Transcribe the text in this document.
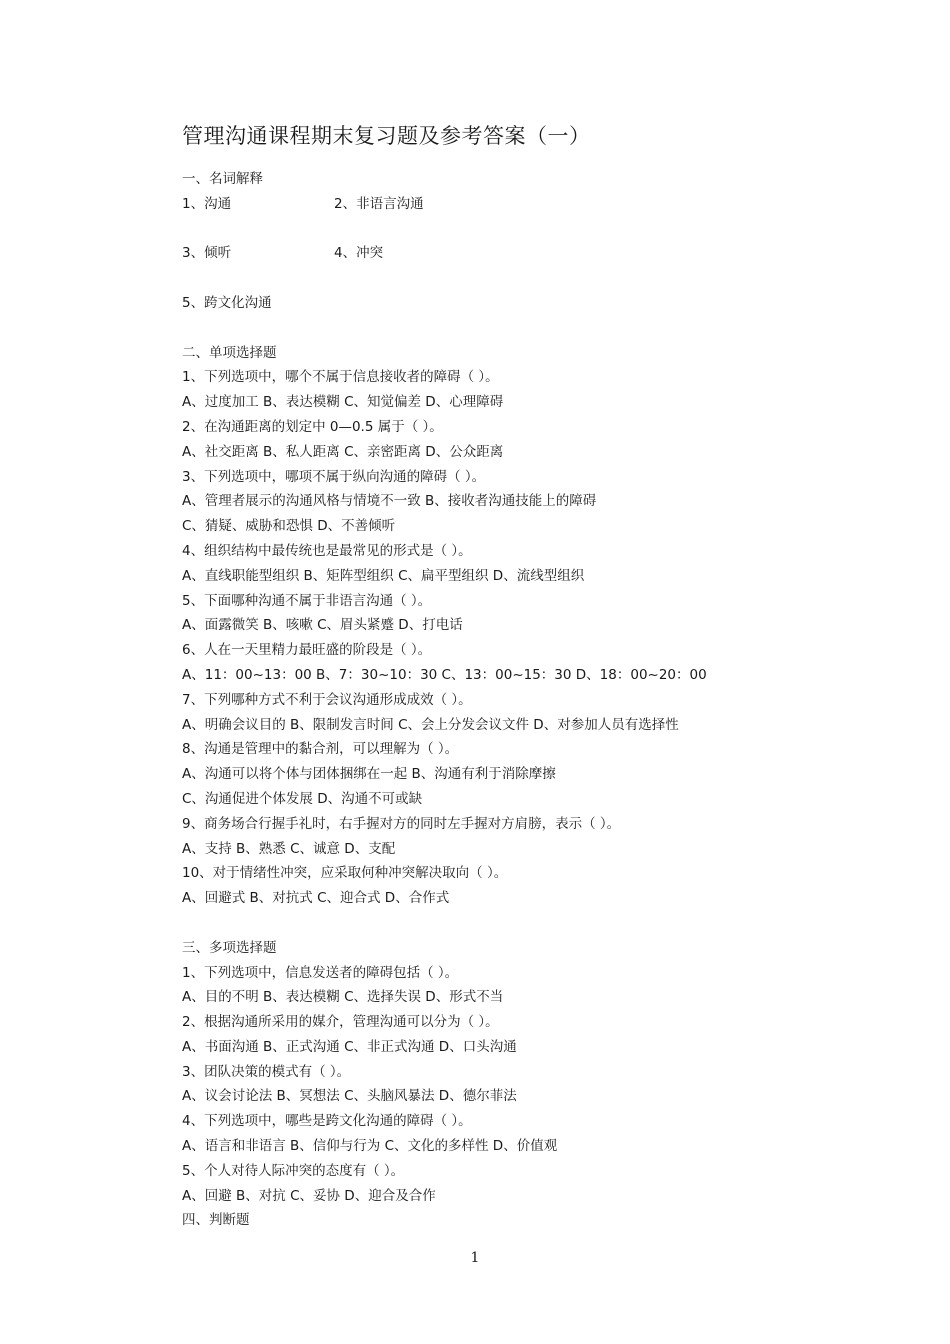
管理沟通课程期末复习题及参考答案（一）
一、名词解释
1、沟通	2、非语言沟通
3、倾听	4、冲突
5、跨文化沟通
二、单项选择题
1、下列选项中，哪个不属于信息接收者的障碍（ ）。
A、过度加工 B、表达模糊 C、知觉偏差 D、心理障碍
2、在沟通距离的划定中 0—0.5 属于（ ）。
A、社交距离 B、私人距离 C、亲密距离 D、公众距离
3、下列选项中，哪项不属于纵向沟通的障碍（ ）。
A、管理者展示的沟通风格与情境不一致 B、接收者沟通技能上的障碍
C、猜疑、威胁和恐惧 D、不善倾听
4、组织结构中最传统也是最常见的形式是（ ）。
A、直线职能型组织 B、矩阵型组织 C、扁平型组织 D、流线型组织
5、下面哪种沟通不属于非语言沟通（ ）。
A、面露微笑 B、咳嗽 C、眉头紧蹙 D、打电话
6、人在一天里精力最旺盛的阶段是（ ）。
A、11：00~13：00 B、7：30~10：30 C、13：00~15：30 D、18：00~20：00
7、下列哪种方式不利于会议沟通形成成效（ ）。
A、明确会议目的 B、限制发言时间 C、会上分发会议文件 D、对参加人员有选择性
8、沟通是管理中的黏合剂，可以理解为（ ）。
A、沟通可以将个体与团体捆绑在一起 B、沟通有利于消除摩擦
C、沟通促进个体发展 D、沟通不可或缺
9、商务场合行握手礼时，右手握对方的同时左手握对方肩膀，表示（ ）。
A、支持 B、熟悉 C、诚意 D、支配
10、对于情绪性冲突，应采取何种冲突解决取向（ ）。
A、回避式 B、对抗式 C、迎合式 D、合作式
三、多项选择题
1、下列选项中，信息发送者的障碍包括（ ）。
A、目的不明 B、表达模糊 C、选择失误 D、形式不当
2、根据沟通所采用的媒介，管理沟通可以分为（ ）。
A、书面沟通 B、正式沟通 C、非正式沟通 D、口头沟通
3、团队决策的模式有（ ）。
A、议会讨论法 B、冥想法 C、头脑风暴法 D、德尔菲法
4、下列选项中，哪些是跨文化沟通的障碍（ ）。
A、语言和非语言 B、信仰与行为 C、文化的多样性 D、价值观
5、个人对待人际冲突的态度有（ ）。
A、回避 B、对抗 C、妥协 D、迎合及合作
四、判断题
1
